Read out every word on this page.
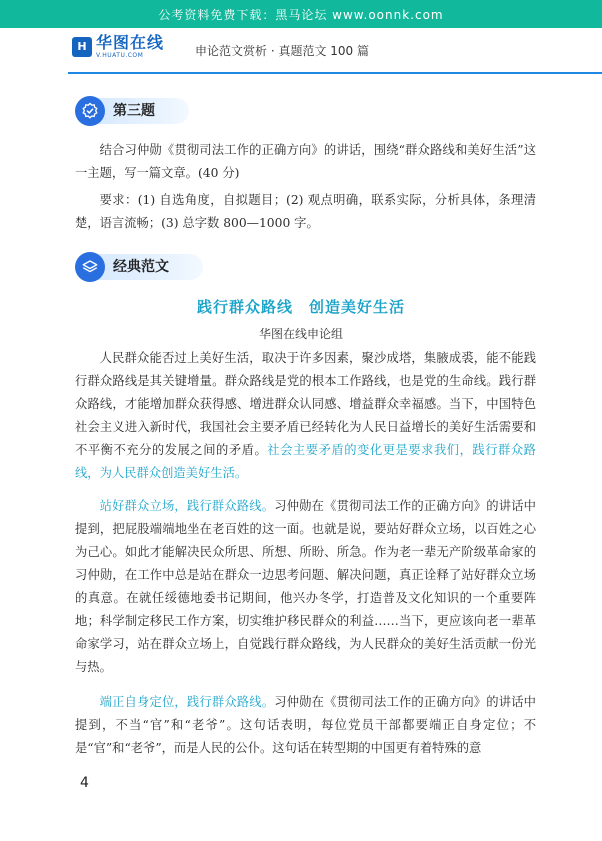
公考资料免费下载：黑马论坛 www.oonnk.com
H 华图在线
V.HUATU.COM	申论范文赏析 · 真题范文 100 篇
第三题

结合习仲勋《贯彻司法工作的正确方向》的讲话，围绕“群众路线和美好生活”这一主题，写一篇文章。(40 分)

要求：(1) 自选角度，自拟题目；(2) 观点明确，联系实际，分析具体，条理清楚，语言流畅；(3) 总字数 800—1000 字。

经典范文
践行群众路线　创造美好生活
华图在线申论组

人民群众能否过上美好生活，取决于许多因素，聚沙成塔，集腋成裘，能不能践行群众路线是其关键增量。群众路线是党的根本工作路线，也是党的生命线。践行群众路线，才能增加群众获得感、增进群众认同感、增益群众幸福感。当下，中国特色社会主义进入新时代，我国社会主要矛盾已经转化为人民日益增长的美好生活需要和不平衡不充分的发展之间的矛盾。社会主要矛盾的变化更是要求我们，践行群众路线，为人民群众创造美好生活。

站好群众立场，践行群众路线。习仲勋在《贯彻司法工作的正确方向》的讲话中提到，把屁股端端地坐在老百姓的这一面。也就是说，要站好群众立场，以百姓之心为己心。如此才能解决民众所思、所想、所盼、所急。作为老一辈无产阶级革命家的习仲勋，在工作中总是站在群众一边思考问题、解决问题，真正诠释了站好群众立场的真意。在就任绥德地委书记期间，他兴办冬学，打造普及文化知识的一个重要阵地；科学制定移民工作方案，切实维护移民群众的利益……当下，更应该向老一辈革命家学习，站在群众立场上，自觉践行群众路线，为人民群众的美好生活贡献一份光与热。

端正自身定位，践行群众路线。习仲勋在《贯彻司法工作的正确方向》的讲话中提到，不当“官”和“老爷”。这句话表明，每位党员干部都要端正自身定位；不是“官”和“老爷”，而是人民的公仆。这句话在转型期的中国更有着特殊的意

4
